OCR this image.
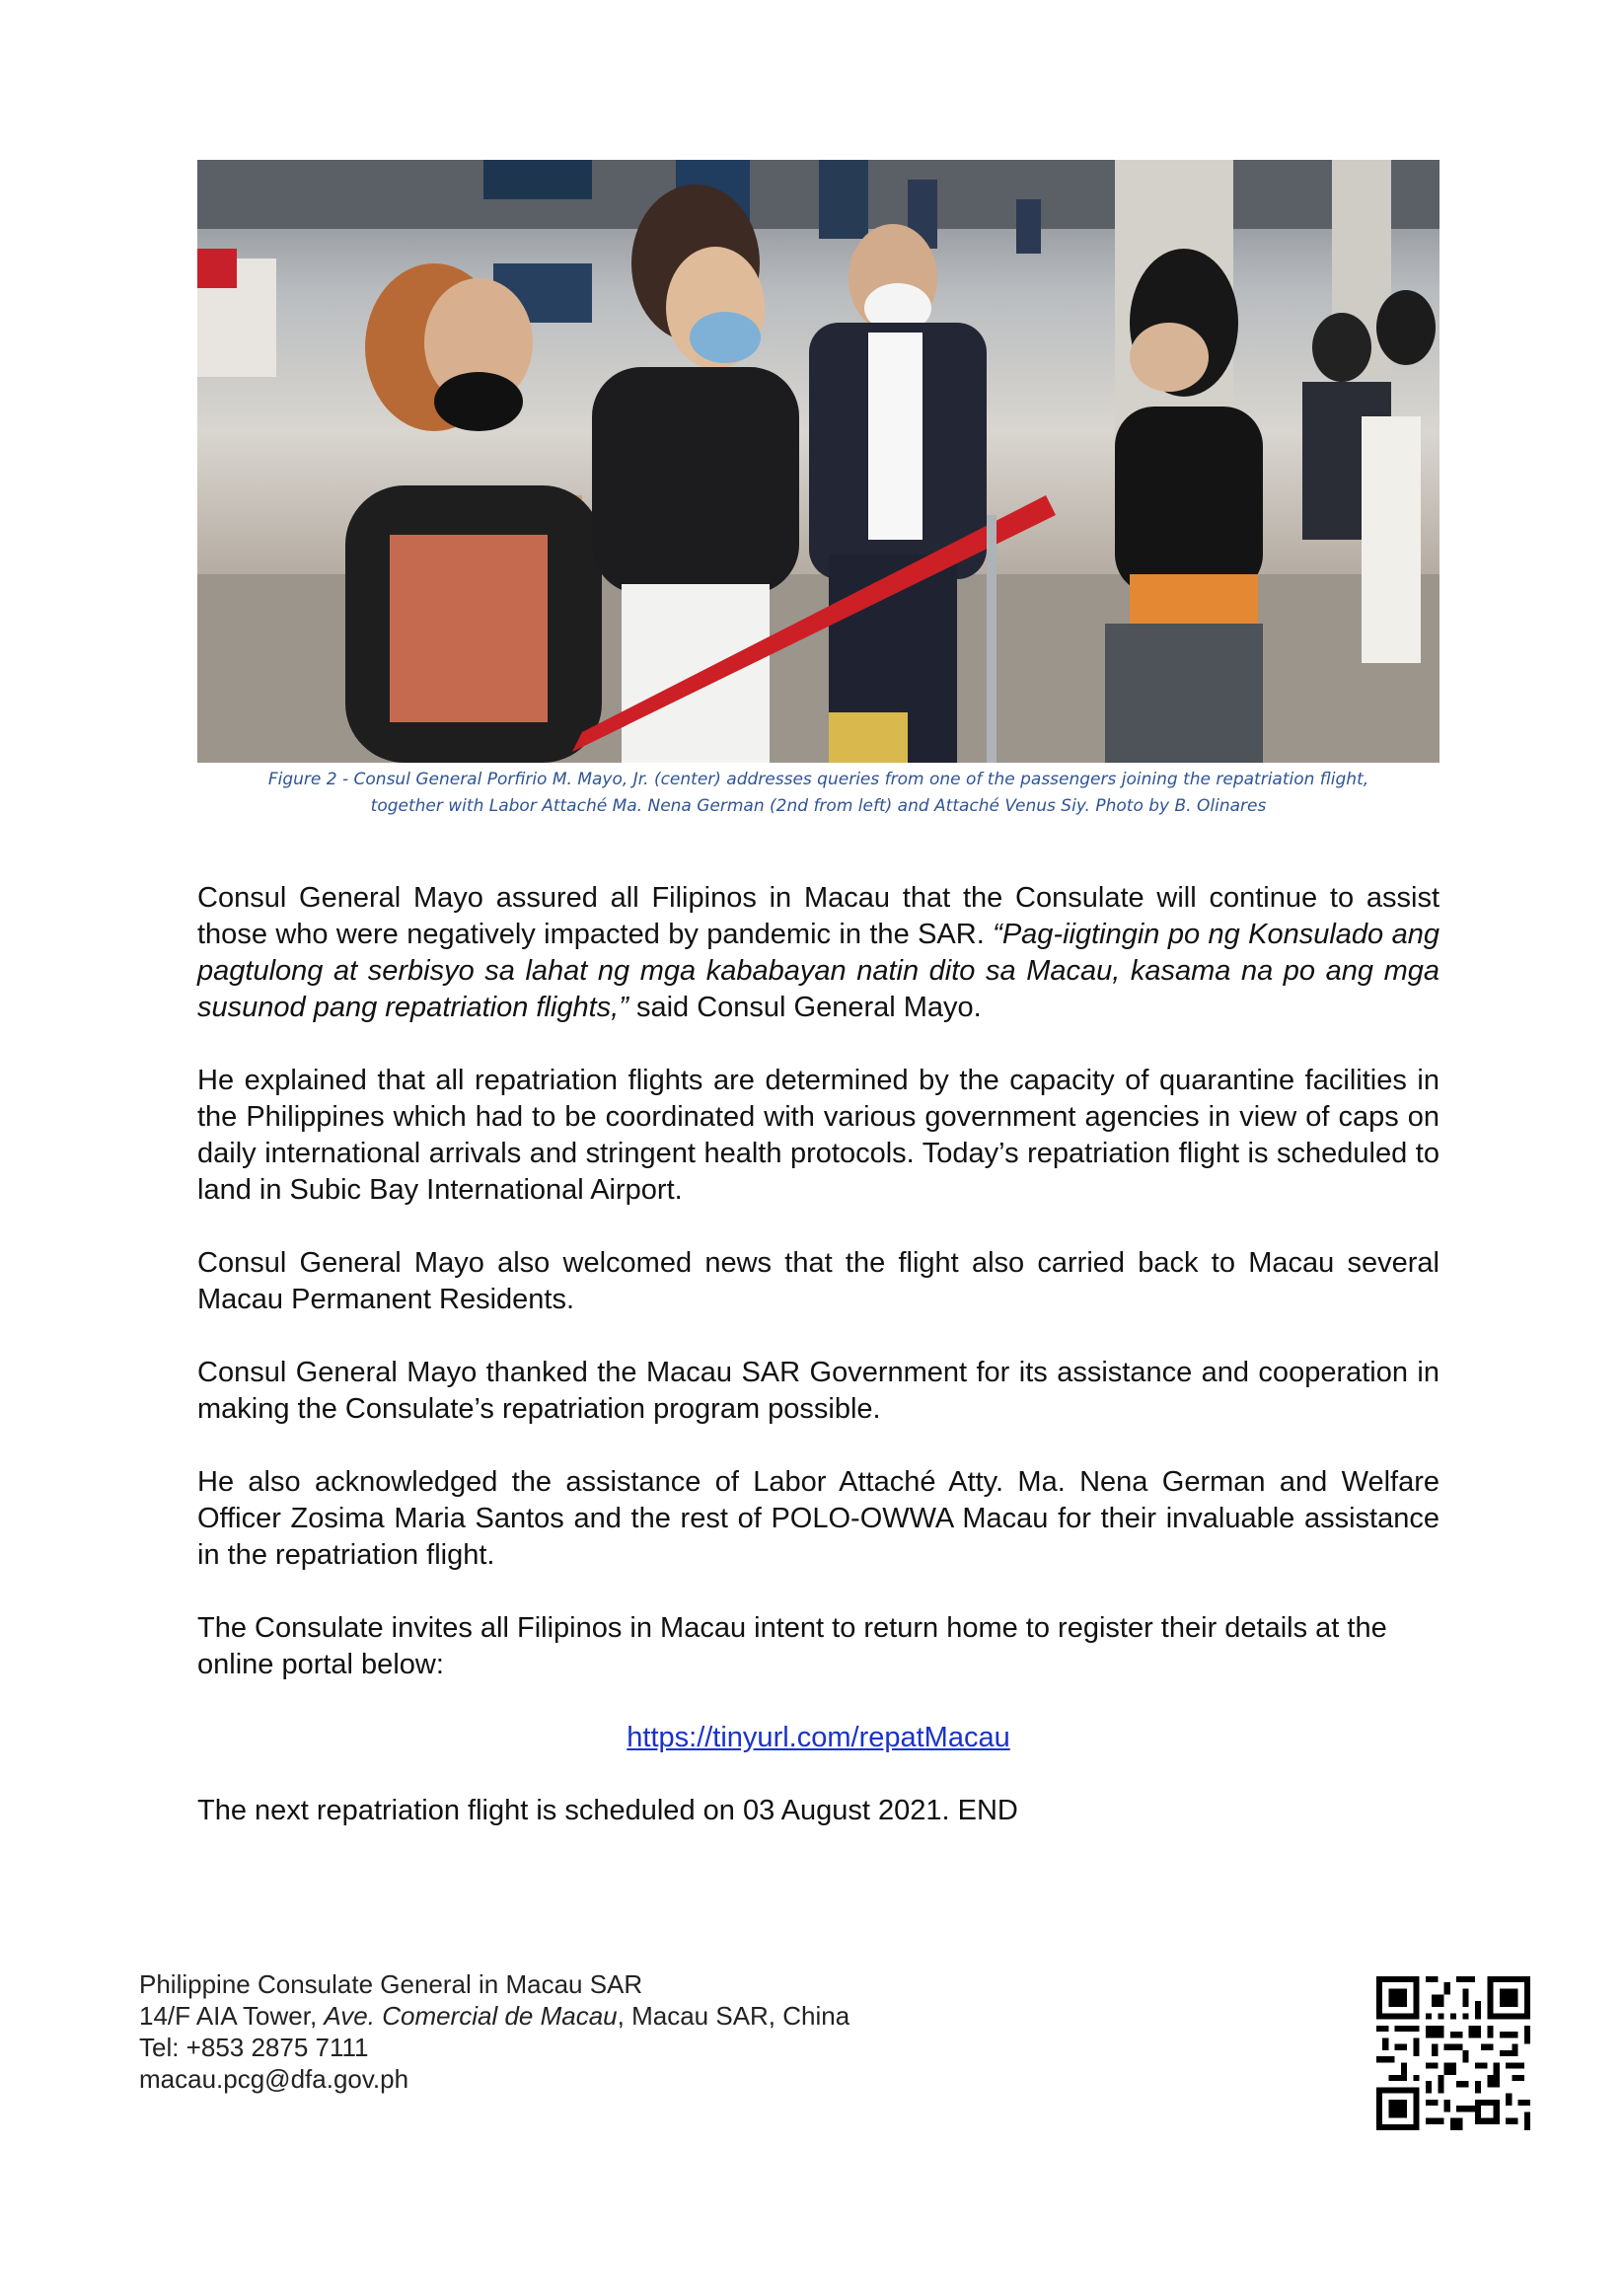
Figure 2 - Consul General Porfirio M. Mayo, Jr. (center) addresses queries from one of the passengers joining the repatriation flight,
together with Labor Attaché Ma. Nena German (2nd from left) and Attaché Venus Siy. Photo by B. Olinares

Consul General Mayo assured all Filipinos in Macau that the Consulate will continue to assist those who were negatively impacted by pandemic in the SAR. “Pag-iigtingin po ng Konsulado ang pagtulong at serbisyo sa lahat ng mga kababayan natin dito sa Macau, kasama na po ang mga susunod pang repatriation flights,” said Consul General Mayo.

He explained that all repatriation flights are determined by the capacity of quarantine facilities in the Philippines which had to be coordinated with various government agencies in view of caps on daily international arrivals and stringent health protocols. Today’s repatriation flight is scheduled to land in Subic Bay International Airport.

Consul General Mayo also welcomed news that the flight also carried back to Macau several Macau Permanent Residents.

Consul General Mayo thanked the Macau SAR Government for its assistance and cooperation in making the Consulate’s repatriation program possible.

He also acknowledged the assistance of Labor Attaché Atty. Ma. Nena German and Welfare Officer Zosima Maria Santos and the rest of POLO-OWWA Macau for their invaluable assistance in the repatriation flight.

The Consulate invites all Filipinos in Macau intent to return home to register their details at the online portal below:

https://tinyurl.com/repatMacau

The next repatriation flight is scheduled on 03 August 2021. END

Philippine Consulate General in Macau SAR
14/F AIA Tower, Ave. Comercial de Macau, Macau SAR, China
Tel: +853 2875 7111
macau.pcg@dfa.gov.ph
